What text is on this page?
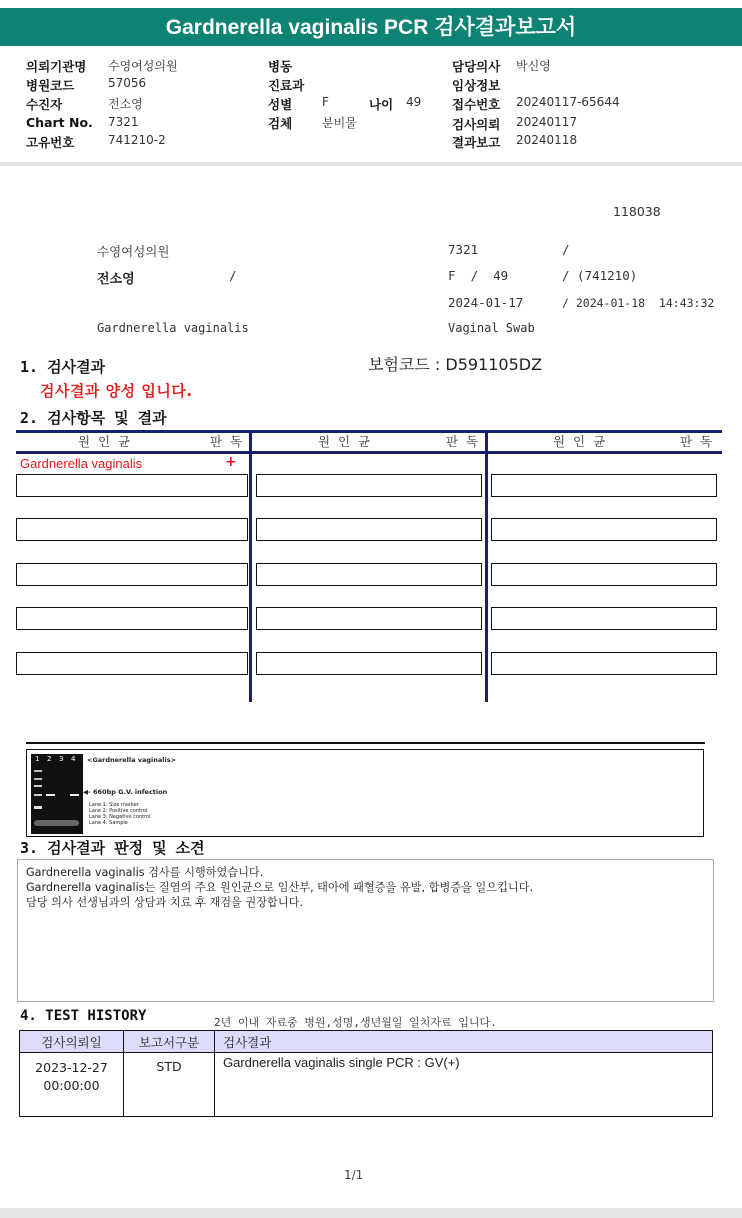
Gardnerella vaginalis PCR 검사결과보고서
의뢰기관명 수영여성의원
병원코드	57056
수진자	전소영
Chart No. 7321
고유번호	741210-2
병동
진료과
성별 F	나이 49
검체 분비물
담당의사 박신영
임상정보
접수번호 20240117-65644
검사의뢰 20240117
결과보고 20240118
118038
수영여성의원	7321	/
전소영	/	F  /  49	/ (741210)
2024-01-17	/ 2024-01-18  14:43:32
Gardnerella vaginalis	Vaginal Swab
1. 검사결과	보험코드 : D591105DZ
검사결과 양성 입니다.
2. 검사항목 및 결과
원  인  균	판  독	원  인  균	판  독	원  인  균	판  독
Gardnerella vaginalis	+
1 2 3 4 <Gardnerella vaginalis>
◀- 660bp G.V. infection
Lane 1: Size marker
Lane 2: Positive control
Lane 3: Negative control
Lane 4: Sample
3. 검사결과 판정 및 소견
Gardnerella vaginalis 검사를 시행하였습니다.
Gardnerella vaginalis는 질염의 주요 원인균으로 임산부, 태아에 패혈증을 유발, 합병증을 일으킵니다.
담당 의사 선생님과의 상담과 치료 후 재검을 권장합니다.
4. TEST HISTORY	2년 이내 자료중 병원,성명,생년월일 일치자료 입니다.
검사의뢰일	보고서구분	검사결과

2023-12-27
00:00:00	STD	Gardnerella vaginalis single PCR : GV(+)
1/1
